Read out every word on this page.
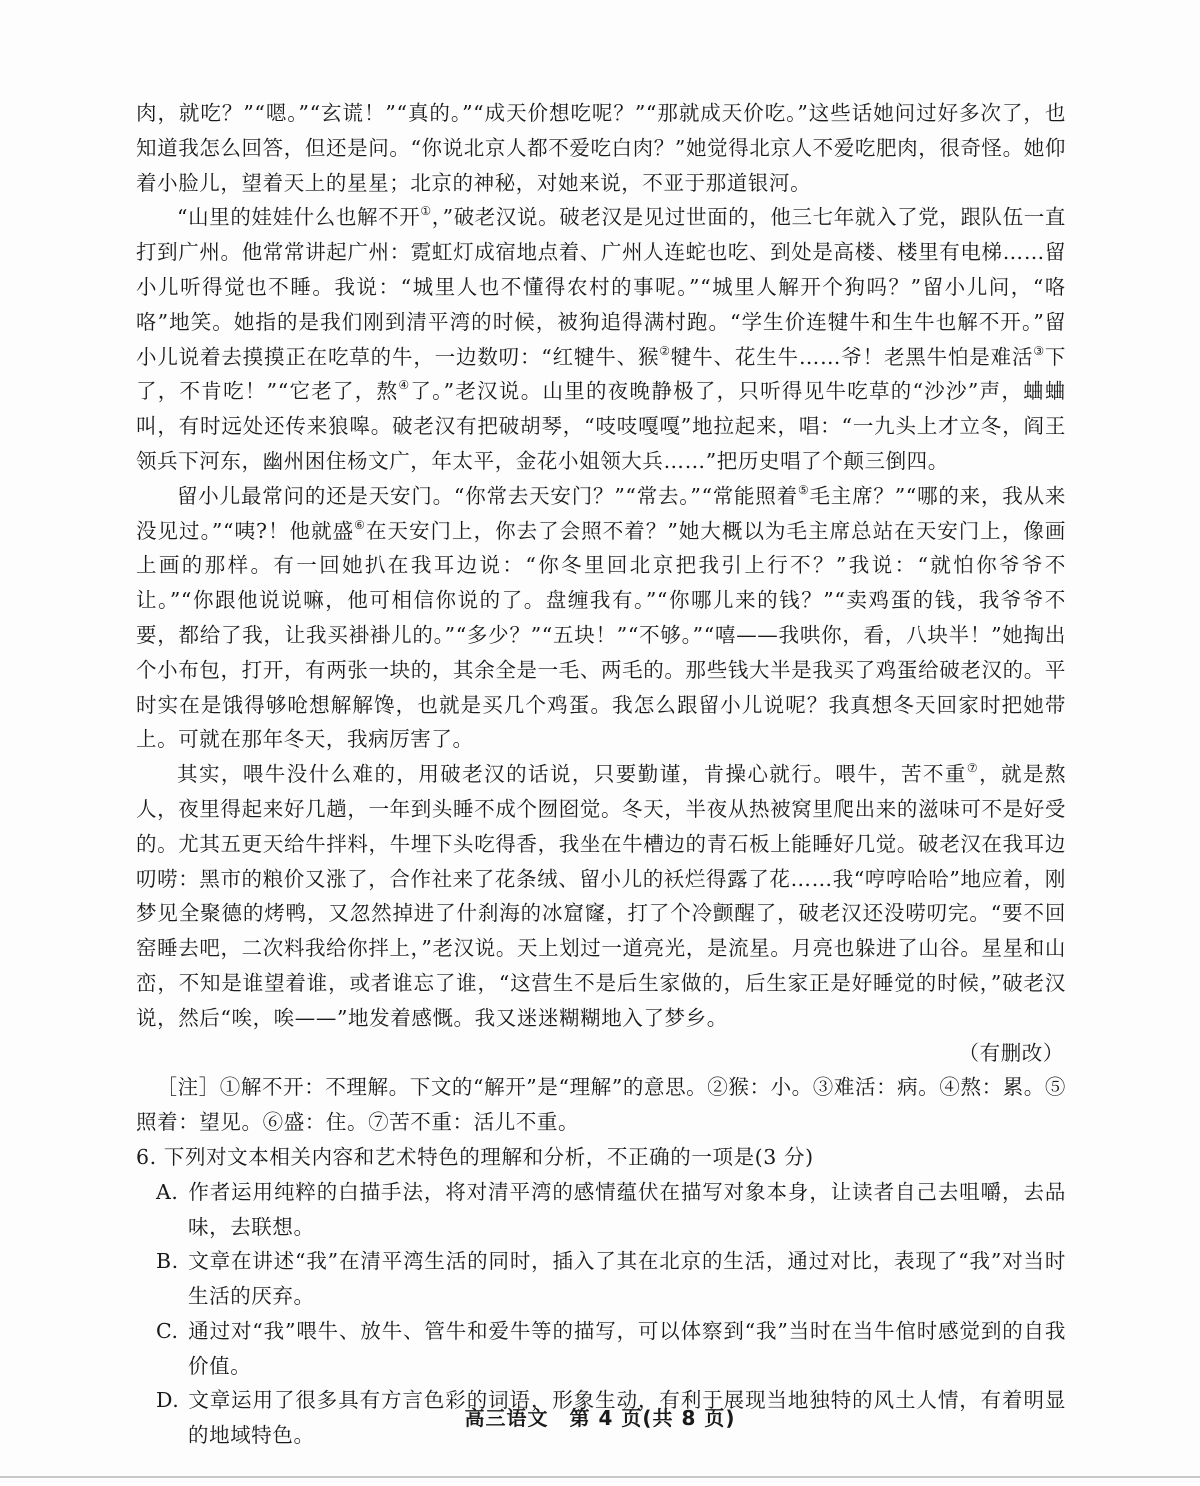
肉，就吃？”“嗯。”“玄谎！”“真的。”“成天价想吃呢？”“那就成天价吃。”这些话她问过好多次了，也知道我怎么回答，但还是问。“你说北京人都不爱吃白肉？”她觉得北京人不爱吃肥肉，很奇怪。她仰着小脸儿，望着天上的星星；北京的神秘，对她来说，不亚于那道银河。

“山里的娃娃什么也解不开①，”破老汉说。破老汉是见过世面的，他三七年就入了党，跟队伍一直打到广州。他常常讲起广州：霓虹灯成宿地点着、广州人连蛇也吃、到处是高楼、楼里有电梯……留小儿听得觉也不睡。我说：“城里人也不懂得农村的事呢。”“城里人解开个狗吗？”留小儿问，“咯咯”地笑。她指的是我们刚到清平湾的时候，被狗追得满村跑。“学生价连犍牛和生牛也解不开。”留小儿说着去摸摸正在吃草的牛，一边数叨：“红犍牛、猴②犍牛、花生牛……爷！老黑牛怕是难活③下了，不肯吃！”“它老了，熬④了。”老汉说。山里的夜晚静极了，只听得见牛吃草的“沙沙”声，蛐蛐叫，有时远处还传来狼嗥。破老汉有把破胡琴，“吱吱嘎嘎”地拉起来，唱：“一九头上才立冬，阎王领兵下河东，幽州困住杨文广，年太平，金花小姐领大兵……”把历史唱了个颠三倒四。

留小儿最常问的还是天安门。“你常去天安门？”“常去。”“常能照着⑤毛主席？”“哪的来，我从来没见过。”“咦?！他就盛⑥在天安门上，你去了会照不着？”她大概以为毛主席总站在天安门上，像画上画的那样。有一回她扒在我耳边说：“你冬里回北京把我引上行不？”我说：“就怕你爷爷不让。”“你跟他说说嘛，他可相信你说的了。盘缠我有。”“你哪儿来的钱？”“卖鸡蛋的钱，我爷爷不要，都给了我，让我买褂褂儿的。”“多少？”“五块！”“不够。”“嘻——我哄你，看，八块半！”她掏出个小布包，打开，有两张一块的，其余全是一毛、两毛的。那些钱大半是我买了鸡蛋给破老汉的。平时实在是饿得够呛想解解馋，也就是买几个鸡蛋。我怎么跟留小儿说呢？我真想冬天回家时把她带上。可就在那年冬天，我病厉害了。

其实，喂牛没什么难的，用破老汉的话说，只要勤谨，肯操心就行。喂牛，苦不重⑦，就是熬人，夜里得起来好几趟，一年到头睡不成个囫囵觉。冬天，半夜从热被窝里爬出来的滋味可不是好受的。尤其五更天给牛拌料，牛埋下头吃得香，我坐在牛槽边的青石板上能睡好几觉。破老汉在我耳边叨唠：黑市的粮价又涨了，合作社来了花条绒、留小儿的袄烂得露了花……我“哼哼哈哈”地应着，刚梦见全聚德的烤鸭，又忽然掉进了什刹海的冰窟窿，打了个冷颤醒了，破老汉还没唠叨完。“要不回窑睡去吧，二次料我给你拌上，”老汉说。天上划过一道亮光，是流星。月亮也躲进了山谷。星星和山峦，不知是谁望着谁，或者谁忘了谁，“这营生不是后生家做的，后生家正是好睡觉的时候，”破老汉说，然后“唉，唉——”地发着感慨。我又迷迷糊糊地入了梦乡。

（有删改）

［注］①解不开：不理解。下文的“解开”是“理解”的意思。②猴：小。③难活：病。④熬：累。⑤照着：望见。⑥盛：住。⑦苦不重：活儿不重。

6. 下列对文本相关内容和艺术特色的理解和分析，不正确的一项是(3 分)

A. 作者运用纯粹的白描手法，将对清平湾的感情蕴伏在描写对象本身，让读者自己去咀嚼，去品味，去联想。

B. 文章在讲述“我”在清平湾生活的同时，插入了其在北京的生活，通过对比，表现了“我”对当时生活的厌弃。

C. 通过对“我”喂牛、放牛、管牛和爱牛等的描写，可以体察到“我”当时在当牛倌时感觉到的自我价值。

D. 文章运用了很多具有方言色彩的词语，形象生动，有利于展现当地独特的风土人情，有着明显的地域特色。

高三语文　第 4 页(共 8 页)
